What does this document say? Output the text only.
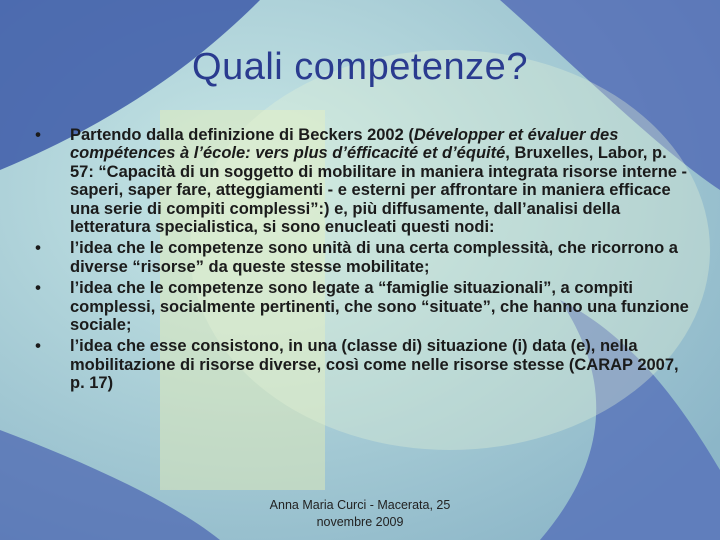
Quali competenze?
•	Partendo dalla definizione di Beckers 2002 (Développer et évaluer des compétences à l’école: vers plus d’éfficacité et d’équité, Bruxelles, Labor, p. 57: “Capacità di un soggetto di mobilitare in maniera integrata risorse interne - saperi, saper fare, atteggiamenti - e esterni per affrontare in maniera efficace una serie di compiti complessi”:) e, più diffusamente, dall’analisi della letteratura specialistica, si sono enucleati questi nodi:
•	l’idea che le competenze sono unità di una certa complessità, che ricorrono a diverse “risorse” da queste stesse mobilitate;
•	l’idea che le competenze sono legate a “famiglie situazionali”, a compiti complessi, socialmente pertinenti, che sono “situate”, che hanno una funzione sociale;
•	l’idea che esse consistono, in una (classe di) situazione (i) data (e), nella mobilitazione di risorse diverse, così come nelle risorse stesse (CARAP 2007, p. 17)
Anna Maria Curci - Macerata, 25
novembre 2009
